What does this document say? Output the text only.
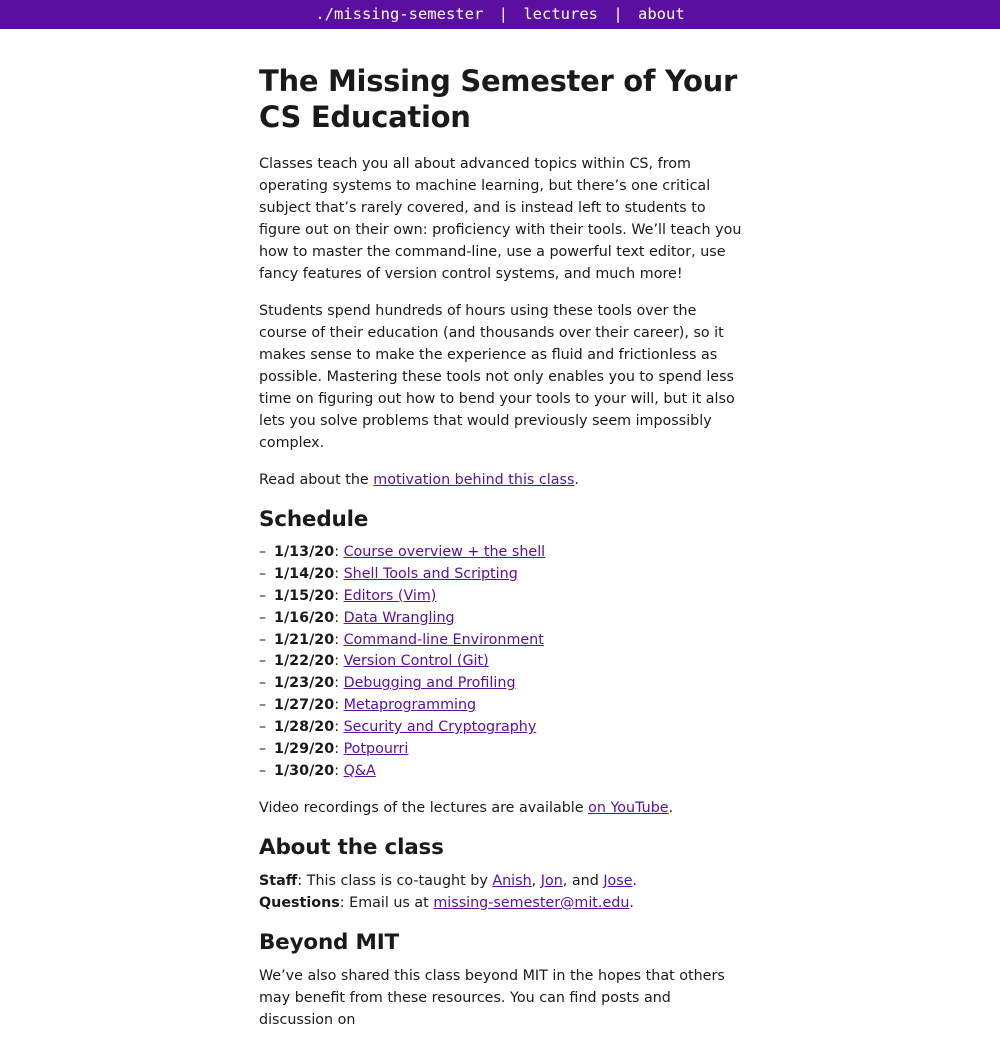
./missing-semester | lectures | about
The Missing Semester of Your CS Education

Classes teach you all about advanced topics within CS, from operating systems to machine learning, but there’s one critical subject that’s rarely covered, and is instead left to students to figure out on their own: proficiency with their tools. We’ll teach you how to master the command-line, use a powerful text editor, use fancy features of version control systems, and much more!

Students spend hundreds of hours using these tools over the course of their education (and thousands over their career), so it makes sense to make the experience as fluid and frictionless as possible. Mastering these tools not only enables you to spend less time on figuring out how to bend your tools to your will, but it also lets you solve problems that would previously seem impossibly complex.

Read about the motivation behind this class.

Schedule
– 1/13/20: Course overview + the shell
– 1/14/20: Shell Tools and Scripting
– 1/15/20: Editors (Vim)
– 1/16/20: Data Wrangling
– 1/21/20: Command-line Environment
– 1/22/20: Version Control (Git)
– 1/23/20: Debugging and Profiling
– 1/27/20: Metaprogramming
– 1/28/20: Security and Cryptography
– 1/29/20: Potpourri
– 1/30/20: Q&A

Video recordings of the lectures are available on YouTube.

About the class
Staff: This class is co-taught by Anish, Jon, and Jose.
Questions: Email us at missing-semester@mit.edu.
Beyond MIT

We’ve also shared this class beyond MIT in the hopes that others may benefit from these resources. You can find posts and discussion on
